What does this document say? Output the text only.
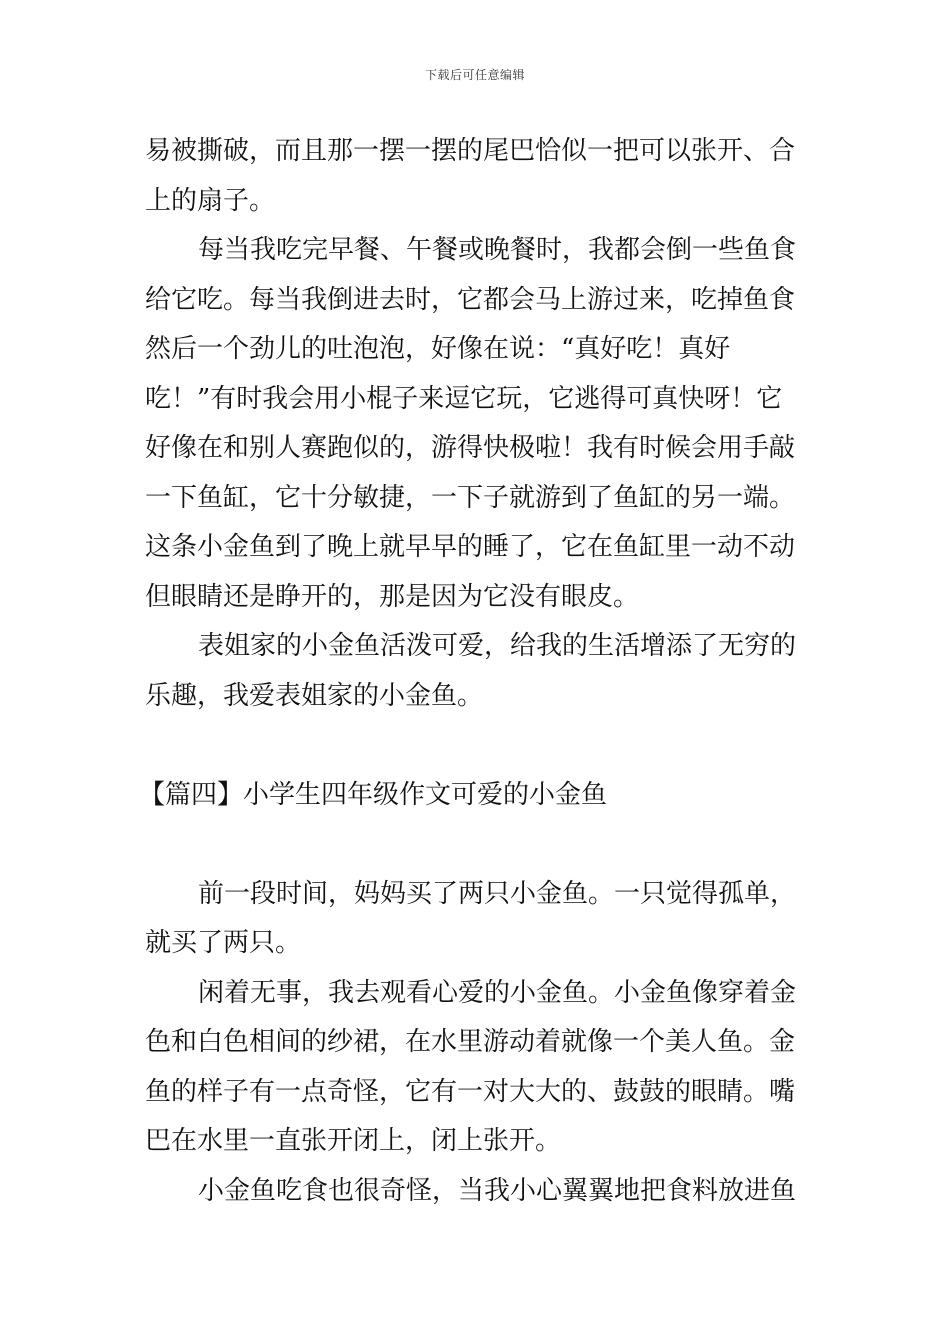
下载后可任意编辑
易被撕破，而且那一摆一摆的尾巴恰似一把可以张开、合
上的扇子。
每当我吃完早餐、午餐或晚餐时，我都会倒一些鱼食
给它吃。每当我倒进去时，它都会马上游过来，吃掉鱼食
然后一个劲儿的吐泡泡，好像在说：“真好吃！真好
吃！”有时我会用小棍子来逗它玩，它逃得可真快呀！它
好像在和别人赛跑似的，游得快极啦！我有时候会用手敲
一下鱼缸，它十分敏捷，一下子就游到了鱼缸的另一端。
这条小金鱼到了晚上就早早的睡了，它在鱼缸里一动不动
但眼睛还是睁开的，那是因为它没有眼皮。
表姐家的小金鱼活泼可爱，给我的生活增添了无穷的
乐趣，我爱表姐家的小金鱼。
【篇四】小学生四年级作文可爱的小金鱼
前一段时间，妈妈买了两只小金鱼。一只觉得孤单，
就买了两只。
闲着无事，我去观看心爱的小金鱼。小金鱼像穿着金
色和白色相间的纱裙，在水里游动着就像一个美人鱼。金
鱼的样子有一点奇怪，它有一对大大的、鼓鼓的眼睛。嘴
巴在水里一直张开闭上，闭上张开。
小金鱼吃食也很奇怪，当我小心翼翼地把食料放进鱼
